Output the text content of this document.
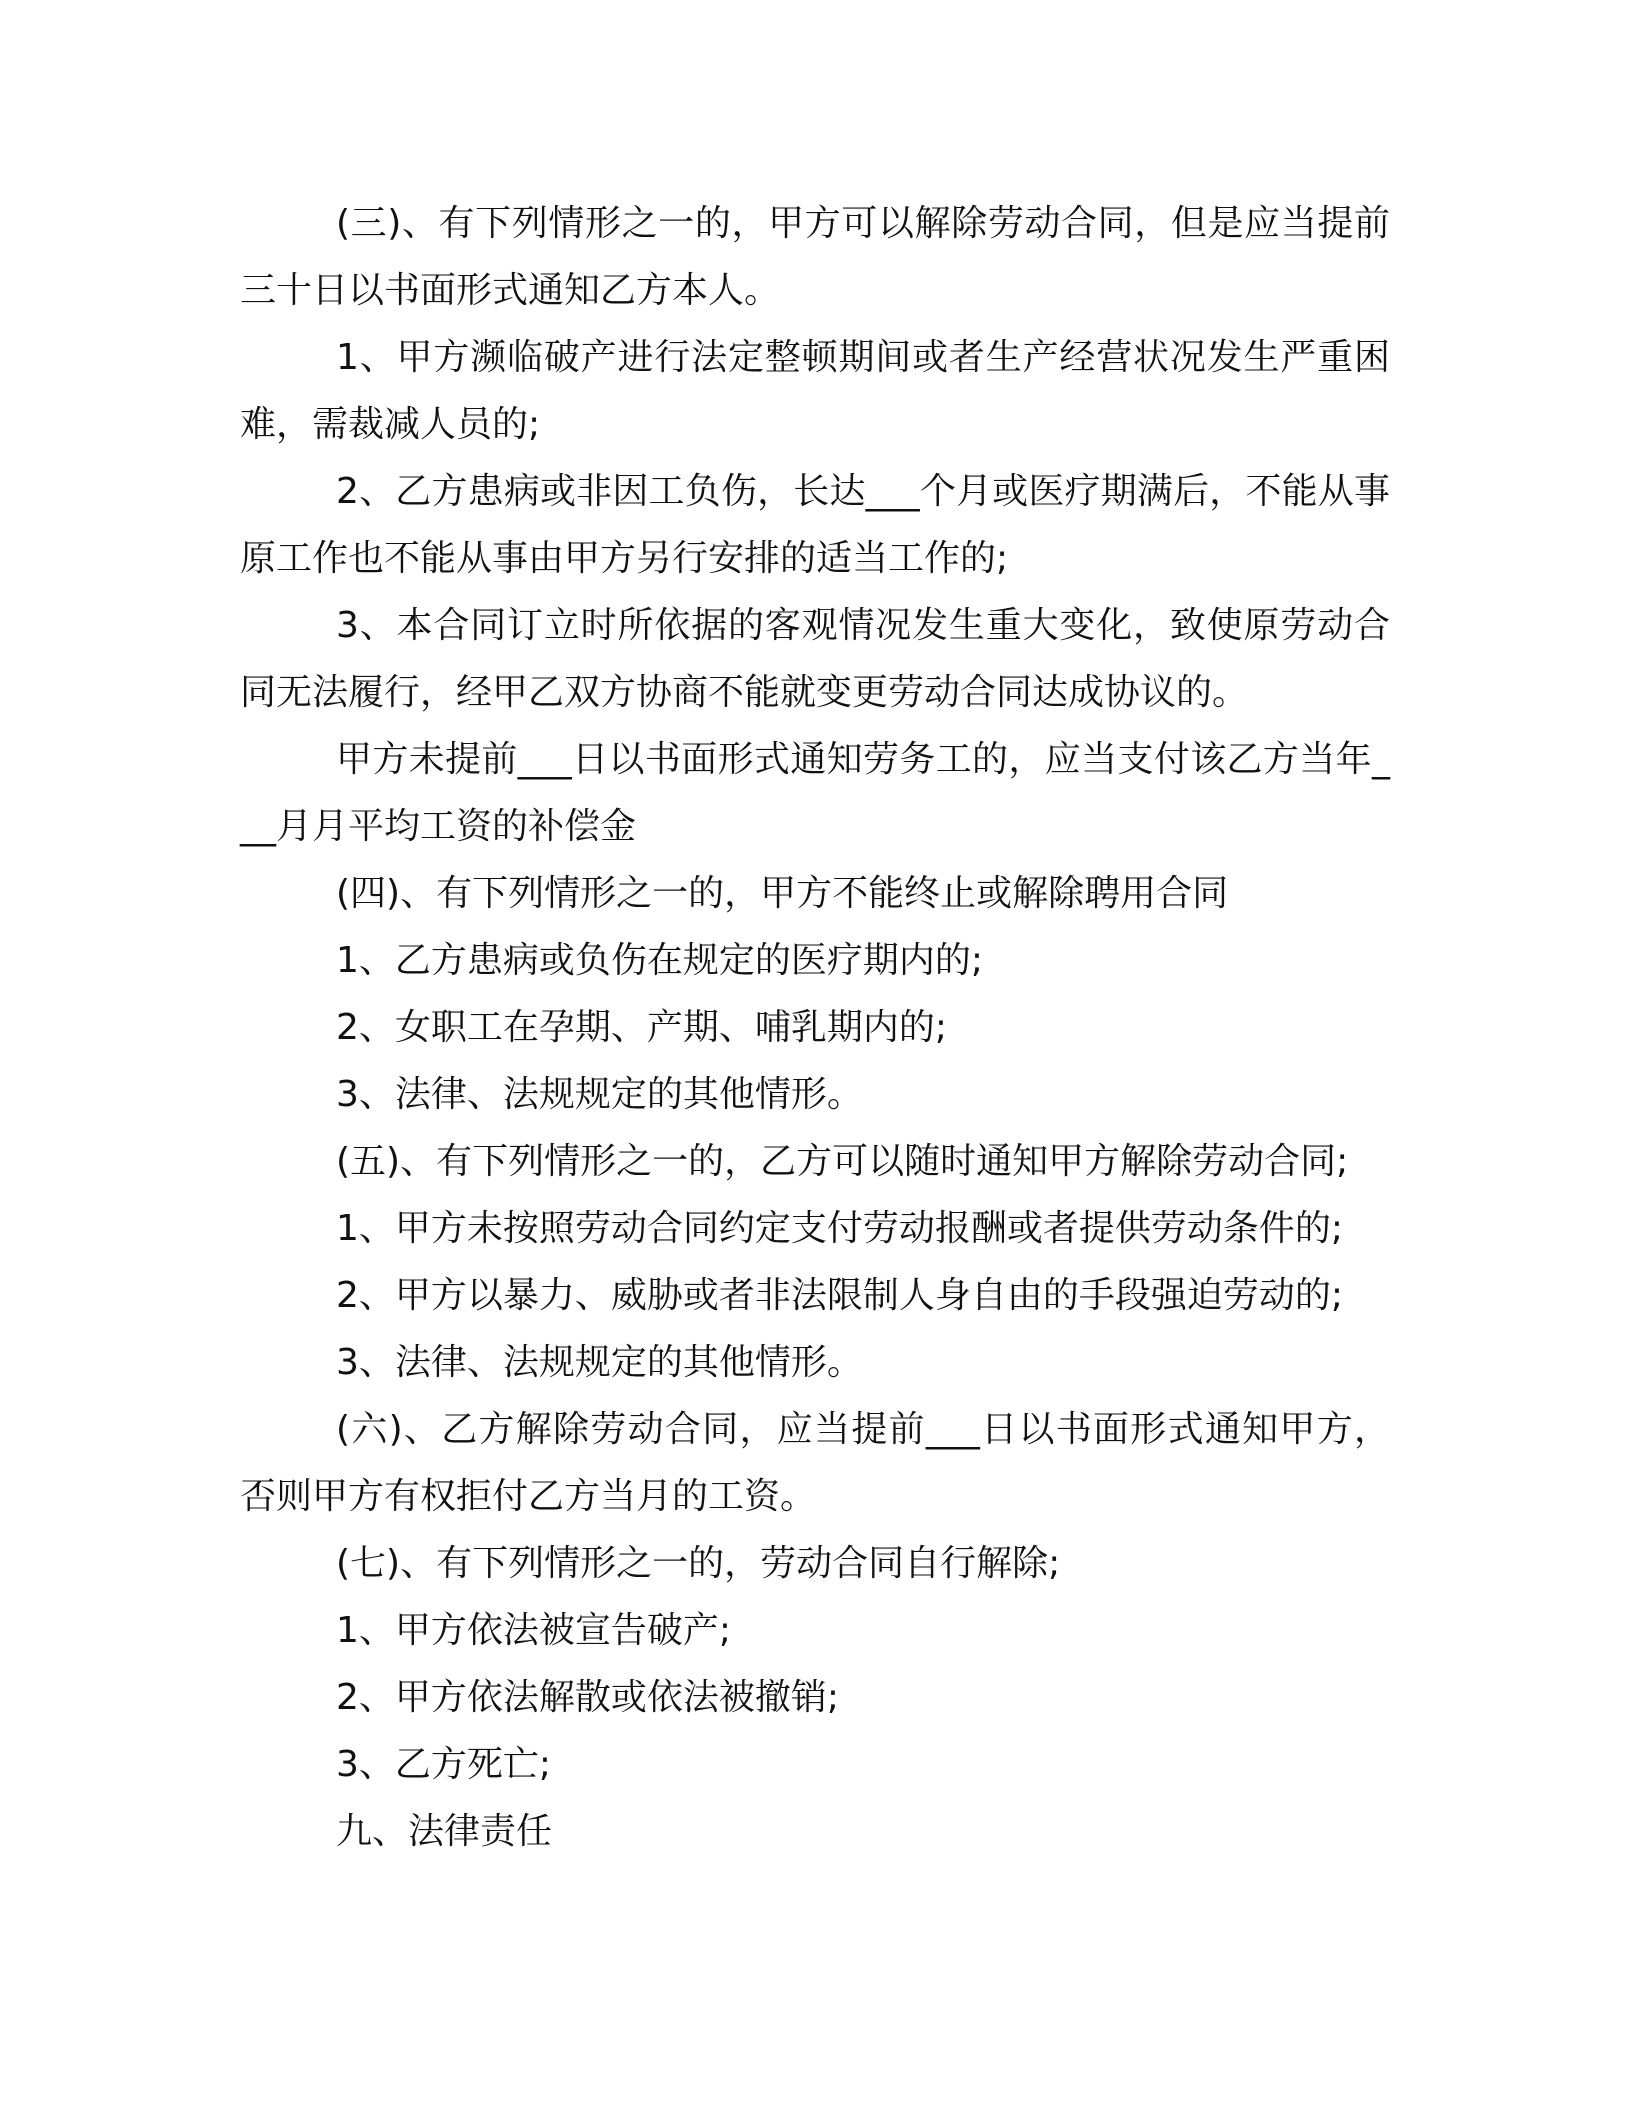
(三)、有下列情形之一的，甲方可以解除劳动合同，但是应当提前三十日以书面形式通知乙方本人。

1、甲方濒临破产进行法定整顿期间或者生产经营状况发生严重困难，需裁减人员的;

2、乙方患病或非因工负伤，长达___个月或医疗期满后，不能从事原工作也不能从事由甲方另行安排的适当工作的;

3、本合同订立时所依据的客观情况发生重大变化，致使原劳动合同无法履行，经甲乙双方协商不能就变更劳动合同达成协议的。

甲方未提前___日以书面形式通知劳务工的，应当支付该乙方当年___月月平均工资的补偿金

(四)、有下列情形之一的，甲方不能终止或解除聘用合同

1、乙方患病或负伤在规定的医疗期内的;

2、女职工在孕期、产期、哺乳期内的;

3、法律、法规规定的其他情形。

(五)、有下列情形之一的，乙方可以随时通知甲方解除劳动合同;

1、甲方未按照劳动合同约定支付劳动报酬或者提供劳动条件的;

2、甲方以暴力、威胁或者非法限制人身自由的手段强迫劳动的;

3、法律、法规规定的其他情形。

(六)、乙方解除劳动合同，应当提前___日以书面形式通知甲方，否则甲方有权拒付乙方当月的工资。

(七)、有下列情形之一的，劳动合同自行解除;

1、甲方依法被宣告破产;

2、甲方依法解散或依法被撤销;

3、乙方死亡;

九、法律责任
